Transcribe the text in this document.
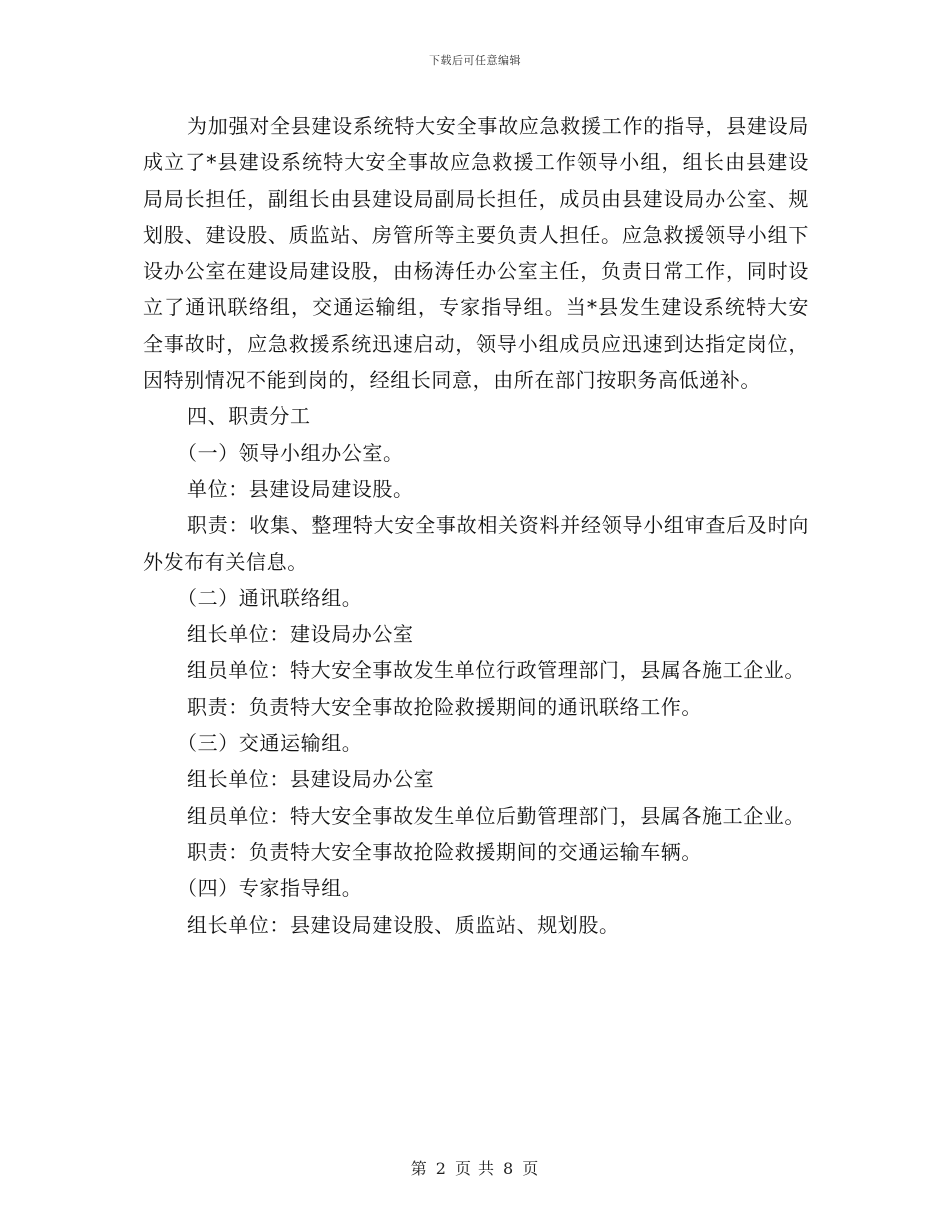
下载后可任意编辑

为加强对全县建设系统特大安全事故应急救援工作的指导，县建设局成立了*县建设系统特大安全事故应急救援工作领导小组，组长由县建设局局长担任，副组长由县建设局副局长担任，成员由县建设局办公室、规划股、建设股、质监站、房管所等主要负责人担任。应急救援领导小组下设办公室在建设局建设股，由杨涛任办公室主任，负责日常工作，同时设立了通讯联络组，交通运输组，专家指导组。当*县发生建设系统特大安全事故时，应急救援系统迅速启动，领导小组成员应迅速到达指定岗位，因特别情况不能到岗的，经组长同意，由所在部门按职务高低递补。

四、职责分工

（一）领导小组办公室。

单位：县建设局建设股。

职责：收集、整理特大安全事故相关资料并经领导小组审查后及时向外发布有关信息。

（二）通讯联络组。

组长单位：建设局办公室

组员单位：特大安全事故发生单位行政管理部门，县属各施工企业。

职责：负责特大安全事故抢险救援期间的通讯联络工作。

（三）交通运输组。

组长单位：县建设局办公室

组员单位：特大安全事故发生单位后勤管理部门，县属各施工企业。

职责：负责特大安全事故抢险救援期间的交通运输车辆。

（四）专家指导组。

组长单位：县建设局建设股、质监站、规划股。

第 2 页 共 8 页
